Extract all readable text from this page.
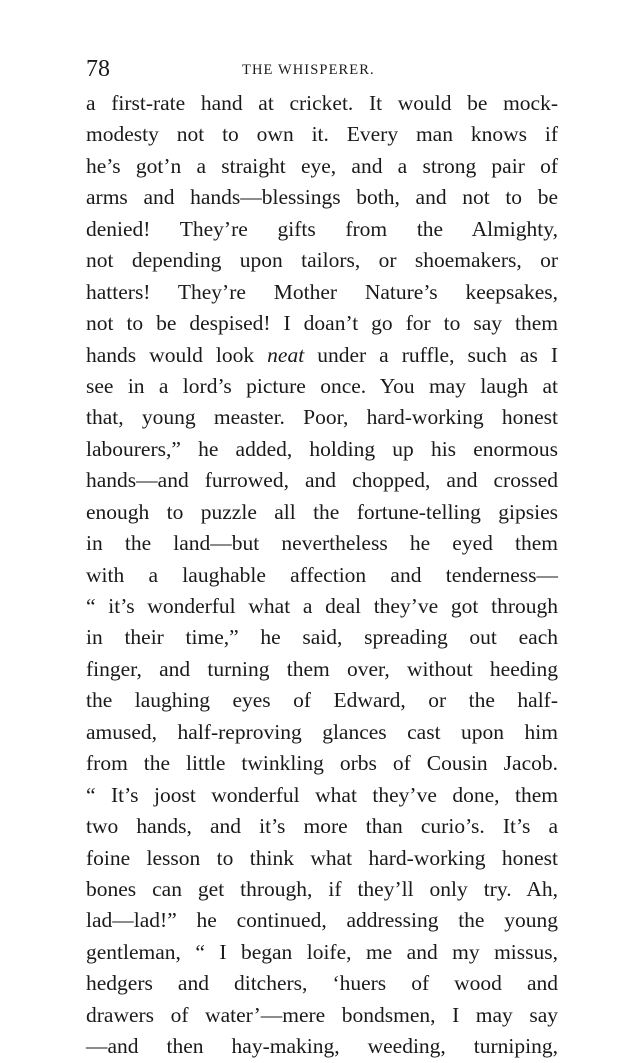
78	THE WHISPERER.
a first-rate hand at cricket. It would be mock-
modesty not to own it. Every man knows if
he’s got’n a straight eye, and a strong pair of
arms and hands—blessings both, and not to be
denied! They’re gifts from the Almighty,
not depending upon tailors, or shoemakers, or
hatters! They’re Mother Nature’s keepsakes,
not to be despised! I doan’t go for to say them
hands would look neat under a ruffle, such as I
see in a lord’s picture once. You may laugh at
that, young measter. Poor, hard-working honest
labourers,” he added, holding up his enormous
hands—and furrowed, and chopped, and crossed
enough to puzzle all the fortune-telling gipsies
in the land—but nevertheless he eyed them
with a laughable affection and tenderness—
“ it’s wonderful what a deal they’ve got through
in their time,” he said, spreading out each
finger, and turning them over, without heeding
the laughing eyes of Edward, or the half-
amused, half-reproving glances cast upon him
from the little twinkling orbs of Cousin Jacob.
“ It’s joost wonderful what they’ve done, them
two hands, and it’s more than curio’s. It’s a
foine lesson to think what hard-working honest
bones can get through, if they’ll only try. Ah,
lad—lad!” he continued, addressing the young
gentleman, “ I began loife, me and my missus,
hedgers and ditchers, ‘huers of wood and
drawers of water’—mere bondsmen, I may say
—and then hay-making, weeding, turniping,
